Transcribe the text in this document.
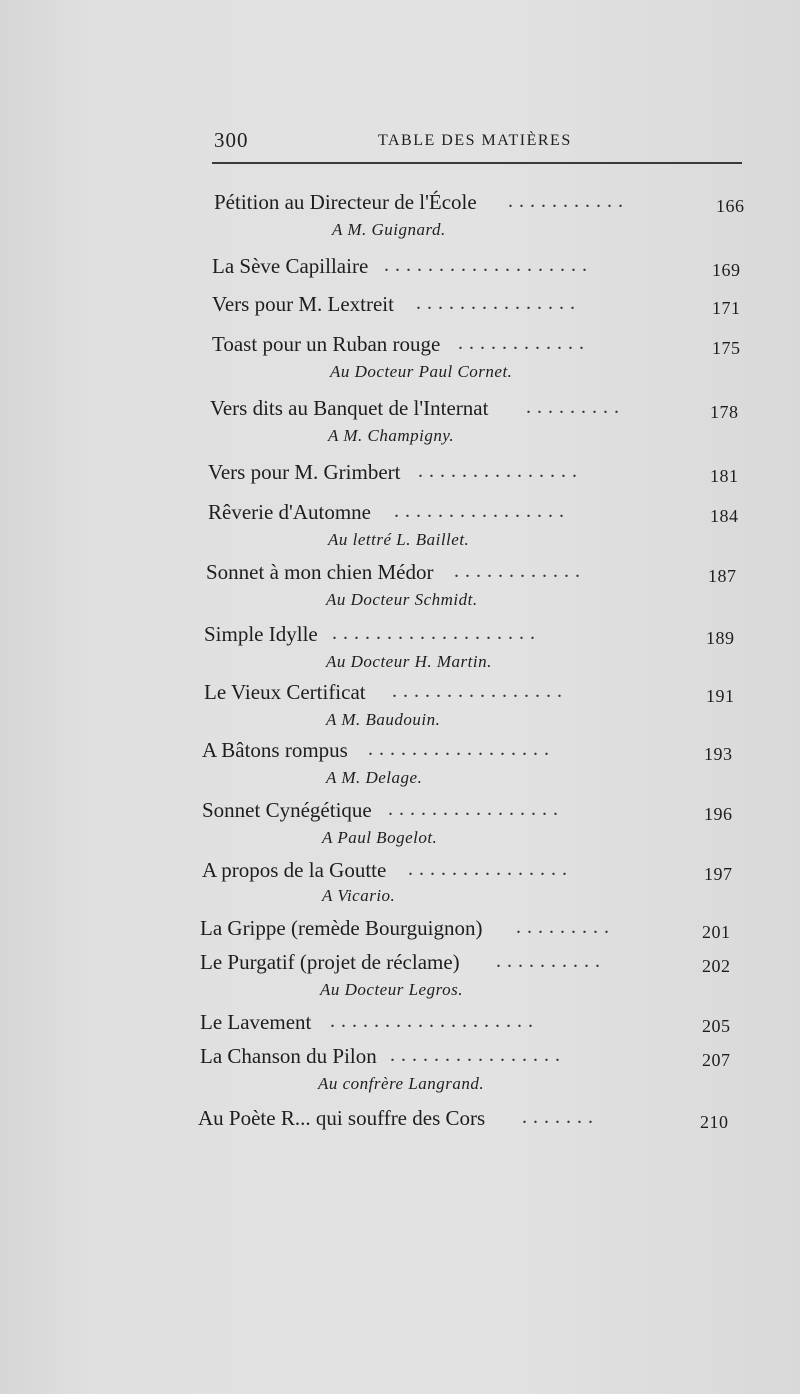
300	TABLE DES MATIÈRES
Pétition au Directeur de l'École ...........	166
A M. Guignard.
La Sève Capillaire ...................	169
Vers pour M. Lextreit ...............	171
Toast pour un Ruban rouge ............	175
Au Docteur Paul Cornet.
Vers dits au Banquet de l'Internat .........	178
A M. Champigny.
Vers pour M. Grimbert ...............	181
Rêverie d'Automne ................	184
Au lettré L. Baillet.
Sonnet à mon chien Médor ............	187
Au Docteur Schmidt.
Simple Idylle ...................	189
Au Docteur H. Martin.
Le Vieux Certificat ................	191
A M. Baudouin.
A Bâtons rompus .................	193
A M. Delage.
Sonnet Cynégétique ................	196
A Paul Bogelot.
A propos de la Goutte ...............	197
A Vicario.
La Grippe (remède Bourguignon) .........	201
Le Purgatif (projet de réclame) ..........	202
Au Docteur Legros.
Le Lavement ...................	205
La Chanson du Pilon ................	207
Au confrère Langrand.
Au Poète R... qui souffre des Cors .......	210
